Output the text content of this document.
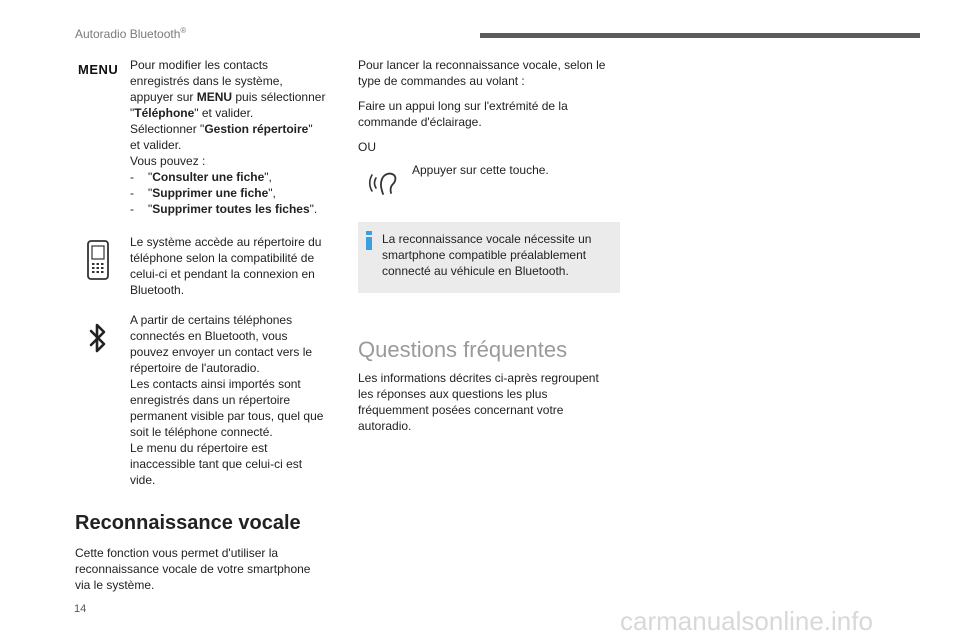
Autoradio Bluetooth®
MENU Pour modifier les contacts
enregistrés dans le système,
appuyer sur MENU puis sélectionner
"Téléphone" et valider.
Sélectionner "Gestion répertoire"
et valider.
Vous pouvez :
- "Consulter une fiche",
- "Supprimer une fiche",
- "Supprimer toutes les fiches".
Le système accède au répertoire du
téléphone selon la compatibilité de
celui-ci et pendant la connexion en
Bluetooth.
A partir de certains téléphones
connectés en Bluetooth, vous
pouvez envoyer un contact vers le
répertoire de l'autoradio.
Les contacts ainsi importés sont
enregistrés dans un répertoire
permanent visible par tous, quel que
soit le téléphone connecté.
Le menu du répertoire est
inaccessible tant que celui-ci est
vide.
Reconnaissance vocale
Cette fonction vous permet d'utiliser la
reconnaissance vocale de votre smartphone
via le système.
Pour lancer la reconnaissance vocale, selon le
type de commandes au volant :
Faire un appui long sur l'extrémité de la
commande d'éclairage.
OU
Appuyer sur cette touche.
La reconnaissance vocale nécessite un
smartphone compatible préalablement
connecté au véhicule en Bluetooth.
Questions fréquentes
Les informations décrites ci-après regroupent
les réponses aux questions les plus
fréquemment posées concernant votre
autoradio.
14	carmanualsonline.info
